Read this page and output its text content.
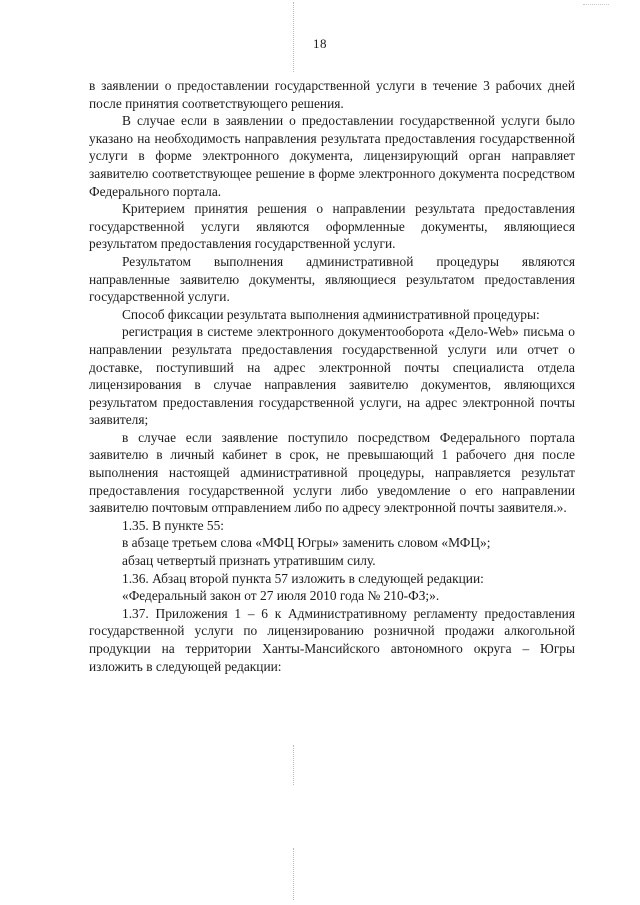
18

в заявлении о предоставлении государственной услуги в течение 3 рабочих дней после принятия соответствующего решения.

В случае если в заявлении о предоставлении государственной услуги было указано на необходимость направления результата предоставления государственной услуги в форме электронного документа, лицензирующий орган направляет заявителю соответствующее решение в форме электронного документа посредством Федерального портала.

Критерием принятия решения о направлении результата предоставления государственной услуги являются оформленные документы, являющиеся результатом предоставления государственной услуги.

Результатом выполнения административной процедуры являются направленные заявителю документы, являющиеся результатом предоставления государственной услуги.

Способ фиксации результата выполнения административной процедуры:

регистрация в системе электронного документооборота «Дело-Web» письма о направлении результата предоставления государственной услуги или отчет о доставке, поступивший на адрес электронной почты специалиста отдела лицензирования в случае направления заявителю документов, являющихся результатом предоставления государственной услуги, на адрес электронной почты заявителя;

в случае если заявление поступило посредством Федерального портала заявителю в личный кабинет в срок, не превышающий 1 рабочего дня после выполнения настоящей административной процедуры, направляется результат предоставления государственной услуги либо уведомление о его направлении заявителю почтовым отправлением либо по адресу электронной почты заявителя.».

1.35. В пункте 55:

в абзаце третьем слова «МФЦ Югры» заменить словом «МФЦ»;

абзац четвертый признать утратившим силу.

1.36. Абзац второй пункта 57 изложить в следующей редакции:

«Федеральный закон от 27 июля 2010 года № 210-ФЗ;».

1.37. Приложения 1 – 6 к Административному регламенту предоставления государственной услуги по лицензированию розничной продажи алкогольной продукции на территории Ханты-Мансийского автономного округа – Югры изложить в следующей редакции:
